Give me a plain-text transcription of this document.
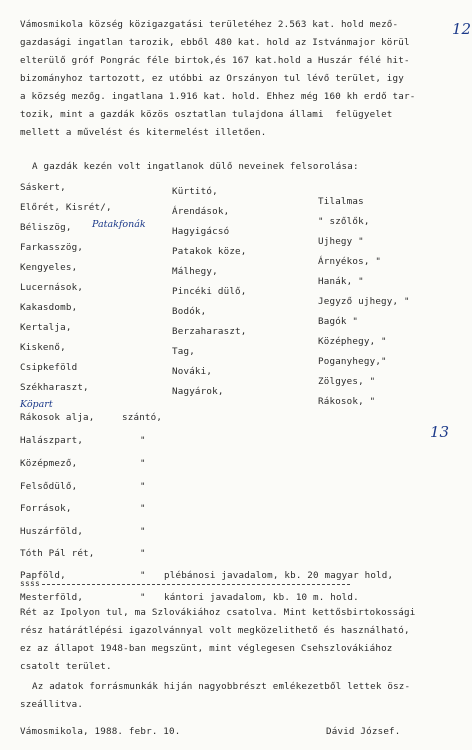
12
Vámosmikola község közigazgatási területéhez 2.563 kat. hold mező-
gazdasági ingatlan tarozik, ebből 480 kat. hold az Istvánmajor körül
elterülő gróf Pongrác féle birtok,és 167 kat.hold a Huszár félé hit-
bizományhoz tartozott, ez utóbbi az Orszányon tul lévő terület, igy
a község mezőg. ingatlana 1.916 kat. hold. Ehhez még 160 kh erdő tar-
tozik, mint a gazdák közös osztatlan tulajdona állami  felügyelet
mellett a művelést és kitermelést illetően.
A gazdák kezén volt ingatlanok dülő neveinek felsorolása:
Sáskert,
Előrét, Kisrét/,
Béliszög,
Farkasszög,
Kengyeles,
Lucernások,
Kakasdomb,
Kertalja,
Kiskenő,
Csipkeföld
Székharaszt,
Kürtitó,
Árendások,
Hagyigácsó
Patakok köze,
Málhegy,
Pincéki dülő,
Bodók,
Berzaharaszt,
Tag,
Nováki,
Nagyárok,
Tilalmas
" szőlők,
Ujhegy "
Árnyékos, "
Hanák, "
Jegyző ujhegy, "
Bagók "
Középhegy, "
Poganyhegy,"
Zölgyes, "
Rákosok, "
Patakfonák
Köpart
13
Rákosok alja,
Halászpart,
Középmező,
Felsődülő,
Források,
Huszárföld,
Tóth Pál rét,
Papföld,
Mesterföld,
szántó,
"
"
"
"
"
"
"
"
plébánosi javadalom, kb. 20 magyar hold,
kántori javadalom, kb. 10 m. hold.
ssss
Rét az Ipolyon tul, ma Szlovákiához csatolva. Mint kettősbirtokossági
rész határátlépési igazolvánnyal volt megközelithető és használható,
ez az állapot 1948-ban megszünt, mint véglegesen Csehszlovákiához
csatolt terület.
Az adatok forrásmunkák hiján nagyobbrészt emlékezetből lettek ösz-
szeállitva.
Vámosmikola, 1988. febr. 10.	Dávid József.
